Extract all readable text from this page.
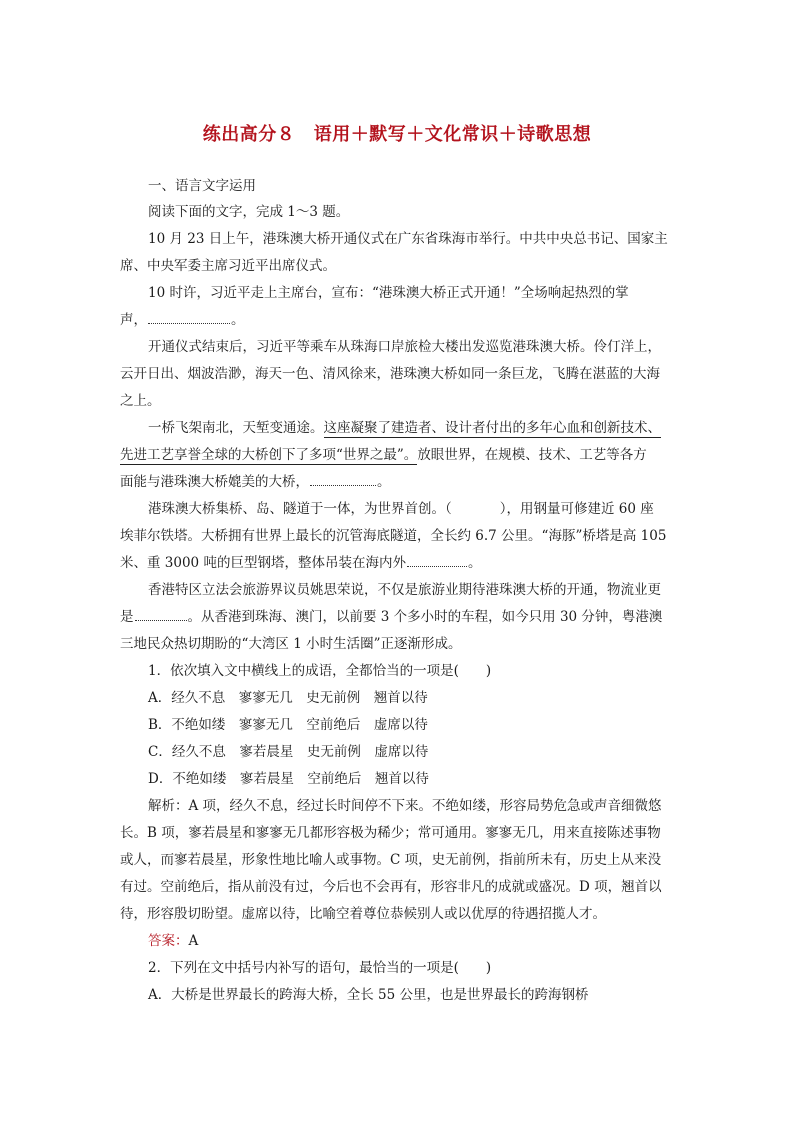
练出高分８　语用＋默写＋文化常识＋诗歌思想
一、语言文字运用
阅读下面的文字，完成 1～3 题。
10 月 23 日上午，港珠澳大桥开通仪式在广东省珠海市举行。中共中央总书记、国家主
席、中央军委主席习近平出席仪式。
10 时许，习近平走上主席台，宣布：“港珠澳大桥正式开通！”全场响起热烈的掌
声，	。
开通仪式结束后，习近平等乘车从珠海口岸旅检大楼出发巡览港珠澳大桥。伶仃洋上，
云开日出、烟波浩渺，海天一色、清风徐来，港珠澳大桥如同一条巨龙，飞腾在湛蓝的大海
之上。
一桥飞架南北，天堑变通途。这座凝聚了建造者、设计者付出的多年心血和创新技术、
先进工艺享誉全球的大桥创下了多项“世界之最”。放眼世界，在规模、技术、工艺等各方
面能与港珠澳大桥媲美的大桥，	。
港珠澳大桥集桥、岛、隧道于一体，为世界首创。（	），用钢量可修建近 60 座
埃菲尔铁塔。大桥拥有世界上最长的沉管海底隧道，全长约 6.7 公里。“海豚”桥塔是高 105
米、重 3000 吨的巨型钢塔，整体吊装在海内外	。
香港特区立法会旅游界议员姚思荣说，不仅是旅游业期待港珠澳大桥的开通，物流业更
是	。从香港到珠海、澳门，以前要 3 个多小时的车程，如今只用 30 分钟，粤港澳
三地民众热切期盼的“大湾区 1 小时生活圈”正逐渐形成。
1．依次填入文中横线上的成语，全都恰当的一项是(　　)
A．经久不息　寥寥无几　史无前例　翘首以待
B．不绝如缕　寥寥无几　空前绝后　虚席以待
C．经久不息　寥若晨星　史无前例　虚席以待
D．不绝如缕　寥若晨星　空前绝后　翘首以待
解析：A 项，经久不息，经过长时间停不下来。不绝如缕，形容局势危急或声音细微悠
长。B 项，寥若晨星和寥寥无几都形容极为稀少；常可通用。寥寥无几，用来直接陈述事物
或人，而寥若晨星，形象性地比喻人或事物。C 项，史无前例，指前所未有，历史上从来没
有过。空前绝后，指从前没有过，今后也不会再有，形容非凡的成就或盛况。D 项，翘首以
待，形容殷切盼望。虚席以待，比喻空着尊位恭候别人或以优厚的待遇招揽人才。
答案：A
2．下列在文中括号内补写的语句，最恰当的一项是(　　)
A．大桥是世界最长的跨海大桥，全长 55 公里，也是世界最长的跨海钢桥
